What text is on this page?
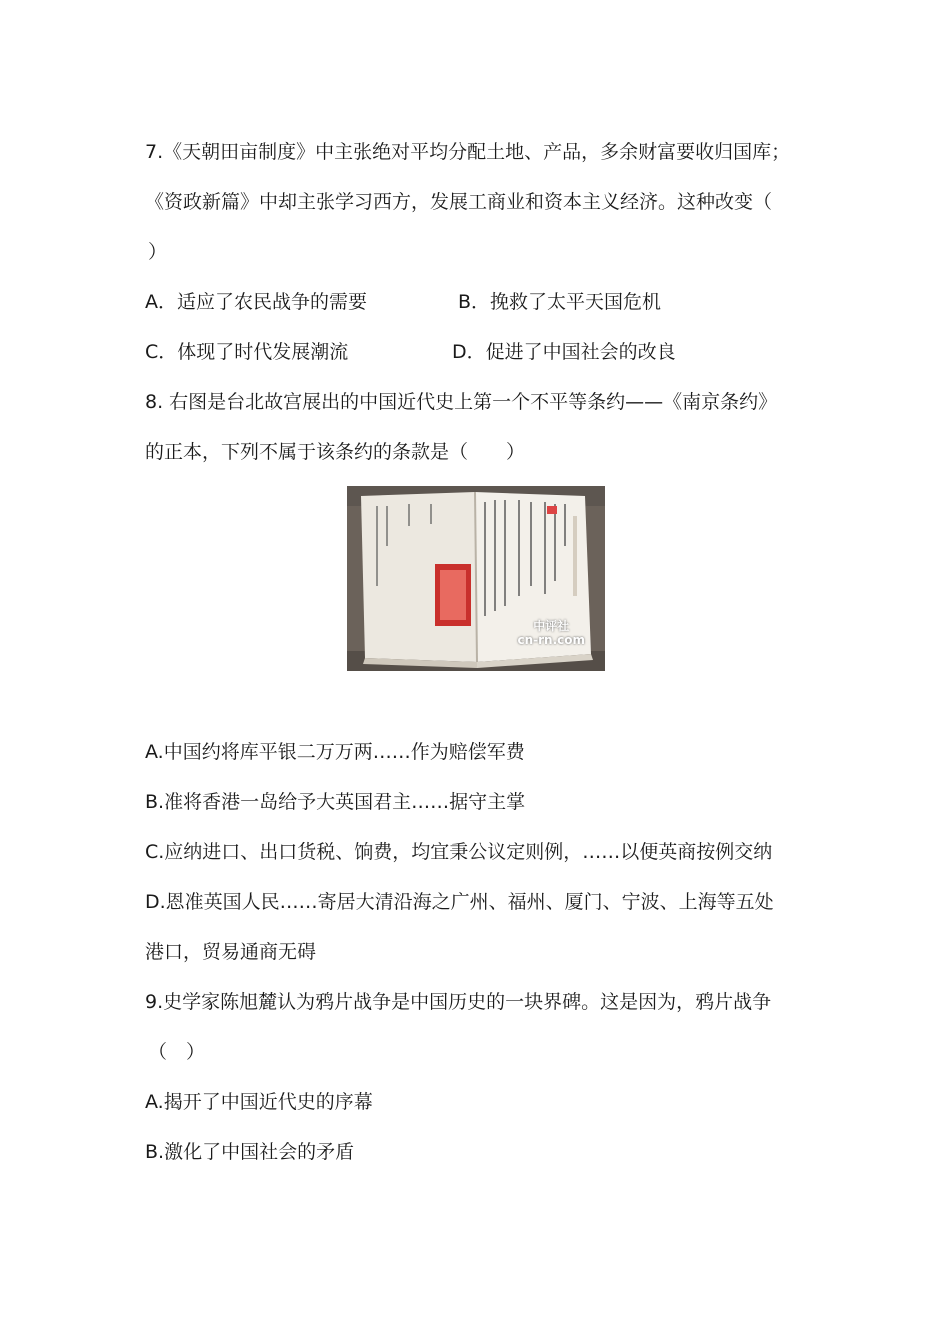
7.《天朝田亩制度》中主张绝对平均分配土地、产品，多余财富要收归国库；
《资政新篇》中却主张学习西方，发展工商业和资本主义经济。这种改变（
）
A．适应了农民战争的需要	B．挽救了太平天国危机
C．体现了时代发展潮流	D．促进了中国社会的改良
8. 右图是台北故宫展出的中国近代史上第一个不平等条约——《南京条约》
的正本，下列不属于该条约的条款是（　　）
中评社
cn-rn.com
A.中国约将库平银二万万两……作为赔偿军费
B.准将香港一岛给予大英国君主……据守主掌
C.应纳进口、出口货税、饷费，均宜秉公议定则例，……以便英商按例交纳
D.恩准英国人民……寄居大清沿海之广州、福州、厦门、宁波、上海等五处
港口，贸易通商无碍
9.史学家陈旭麓认为鸦片战争是中国历史的一块界碑。这是因为，鸦片战争
（　）
A.揭开了中国近代史的序幕
B.激化了中国社会的矛盾
